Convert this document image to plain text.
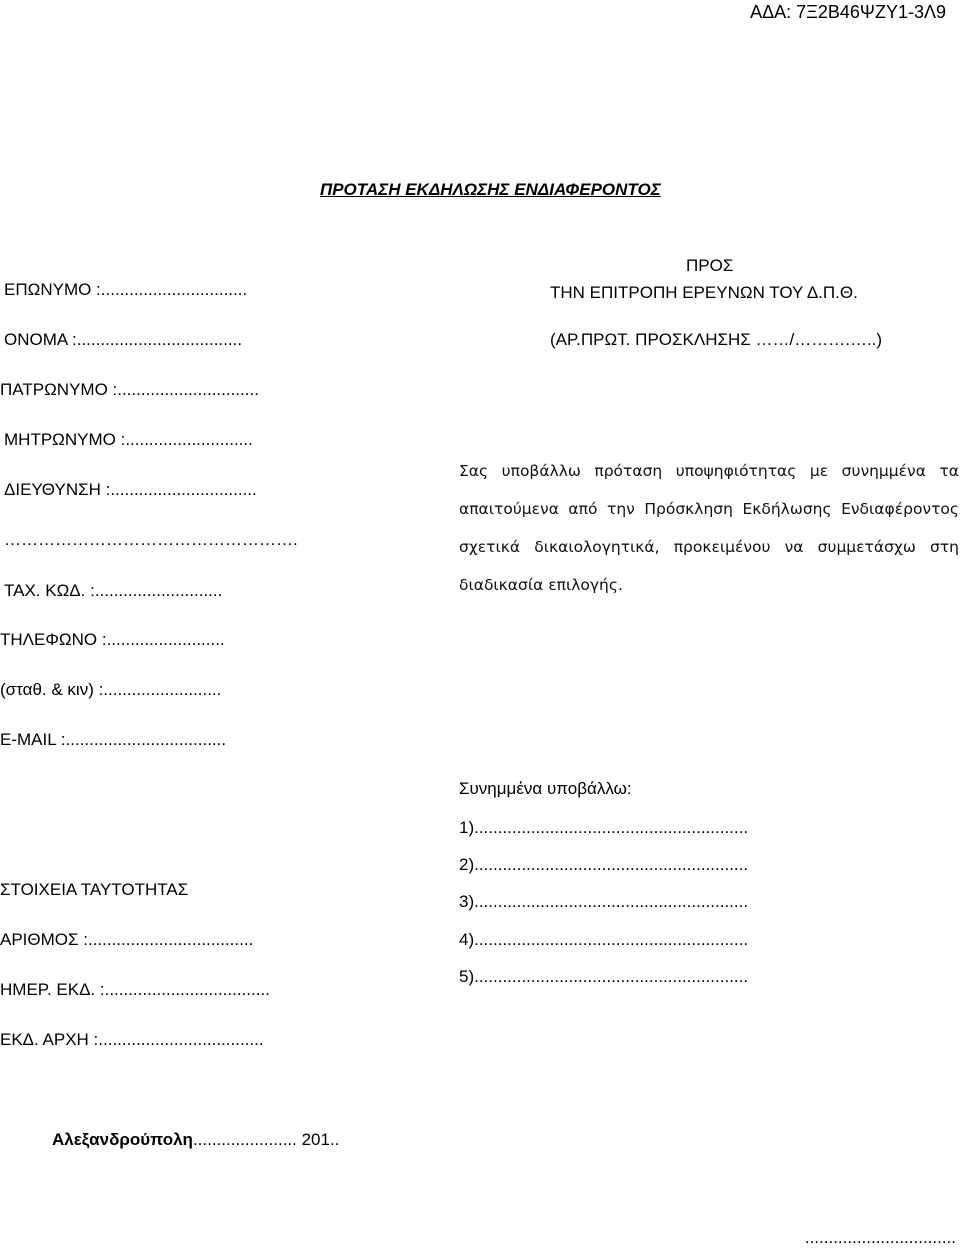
ΑΔΑ: 7Ξ2Β46ΨΖΥ1-3Λ9
ΠΡΟΤΑΣΗ ΕΚΔΗΛΩΣΗΣ ΕΝΔΙΑΦΕΡΟΝΤΟΣ
ΠΡΟΣ
ΤΗΝ ΕΠΙΤΡΟΠΗ ΕΡΕΥΝΩΝ ΤΟΥ Δ.Π.Θ.
(ΑΡ.ΠΡΩΤ. ΠΡΟΣΚΛΗΣΗΣ ……/……….…..)
ΕΠΩΝΥΜΟ :...............................
ΟΝΟΜΑ :...................................
ΠΑΤΡΩΝΥΜΟ :..............................
ΜΗΤΡΩΝΥΜΟ :...........................
ΔΙΕΥΘΥΝΣΗ :...............................
…………………………………………….
ΤΑΧ. ΚΩΔ. :...........................
ΤΗΛΕΦΩΝΟ :.........................
(σταθ. & κιν) :.........................
E-MAIL :..................................
Σας υποβάλλω πρόταση υποψηφιότητας με συνημμένα τα απαιτούμενα από την Πρόσκληση Εκδήλωσης Ενδιαφέροντος σχετικά δικαιολογητικά, προκειμένου να συμμετάσχω στη διαδικασία επιλογής.
Συνημμένα υποβάλλω:
1)..........................................................
2)..........................................................
3)..........................................................
4)..........................................................
5)..........................................................
ΣΤΟΙΧΕΙΑ ΤΑΥΤΟΤΗΤΑΣ
ΑΡΙΘΜΟΣ :...................................
ΗΜΕΡ. ΕΚΔ. :...................................
ΕΚΔ. ΑΡΧΗ :...................................
Αλεξανδρούπολη...................... 201..
................................
